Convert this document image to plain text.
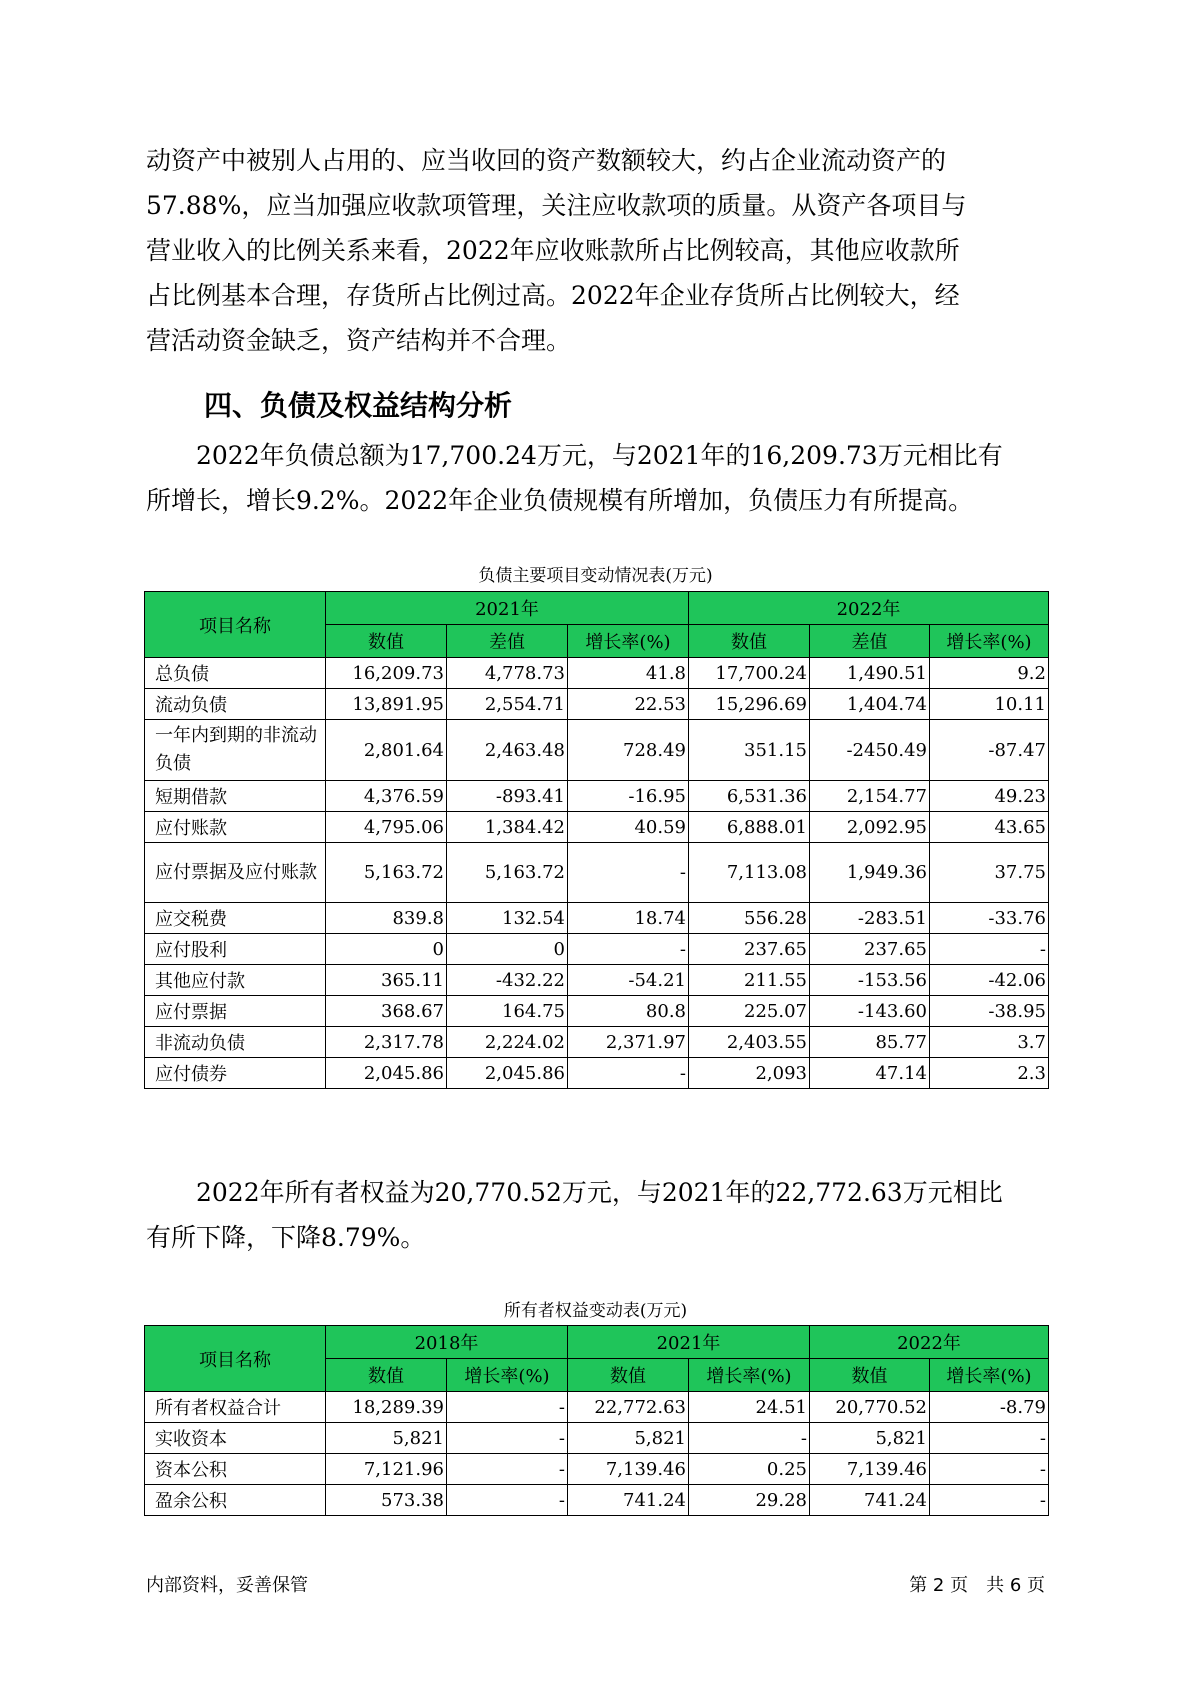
动资产中被别人占用的、应当收回的资产数额较大，约占企业流动资产的
57.88%，应当加强应收款项管理，关注应收款项的质量。从资产各项目与
营业收入的比例关系来看，2022年应收账款所占比例较高，其他应收款所
占比例基本合理，存货所占比例过高。2022年企业存货所占比例较大，经
营活动资金缺乏，资产结构并不合理。
四、负债及权益结构分析
2022年负债总额为17,700.24万元，与2021年的16,209.73万元相比有
所增长，增长9.2%。2022年企业负债规模有所增加，负债压力有所提高。

负债主要项目变动情况表(万元)

项目名称	2021年			2022年		
	数值	差值	增长率(%)	数值	差值	增长率(%)
总负债	16,209.73	4,778.73	41.8	17,700.24	1,490.51	9.2
流动负债	13,891.95	2,554.71	22.53	15,296.69	1,404.74	10.11
一年内到期的非流动负债	2,801.64	2,463.48	728.49	351.15	-2450.49	-87.47
短期借款	4,376.59	-893.41	-16.95	6,531.36	2,154.77	49.23
应付账款	4,795.06	1,384.42	40.59	6,888.01	2,092.95	43.65
应付票据及应付账款	5,163.72	5,163.72	-	7,113.08	1,949.36	37.75
应交税费	839.8	132.54	18.74	556.28	-283.51	-33.76
应付股利	0	0	-	237.65	237.65	-
其他应付款	365.11	-432.22	-54.21	211.55	-153.56	-42.06
应付票据	368.67	164.75	80.8	225.07	-143.60	-38.95
非流动负债	2,317.78	2,224.02	2,371.97	2,403.55	85.77	3.7
应付债券	2,045.86	2,045.86	-	2,093	47.14	2.3
2022年所有者权益为20,770.52万元，与2021年的22,772.63万元相比
有所下降，下降8.79%。

所有者权益变动表(万元)

项目名称	2018年		2021年		2022年	
	数值	增长率(%)	数值	增长率(%)	数值	增长率(%)
所有者权益合计	18,289.39	-	22,772.63	24.51	20,770.52	-8.79
实收资本	5,821	-	5,821	-	5,821	-
资本公积	7,121.96	-	7,139.46	0.25	7,139.46	-
盈余公积	573.38	-	741.24	29.28	741.24	-

内部资料，妥善保管	第 2 页　共 6 页
